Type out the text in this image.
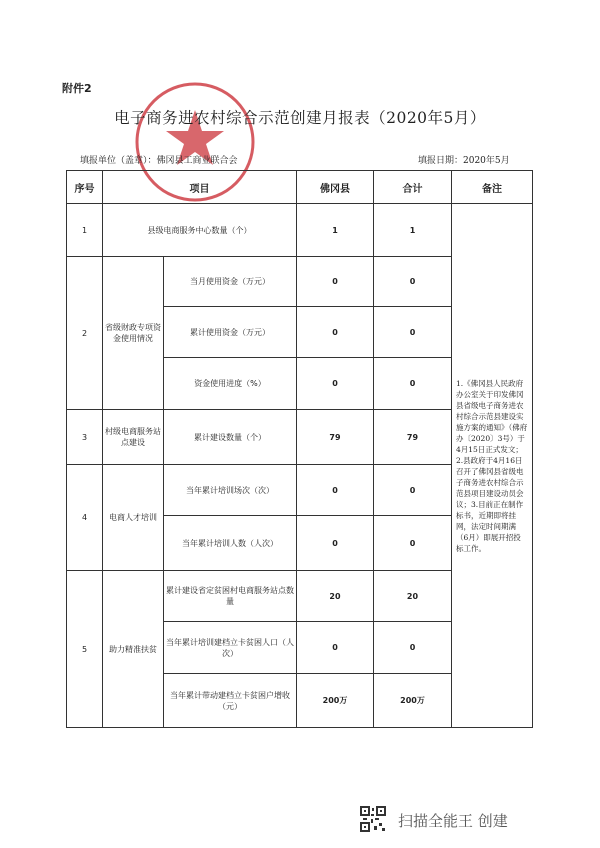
附件2
电子商务进农村综合示范创建月报表（2020年5月）
填报单位（盖章）：佛冈县工商业联合会	填报日期：2020年5月
序号	项目		佛冈县	合计	备注
1	县级电商服务中心数量（个）		1	1	1.《佛冈县人民政府办公室关于印发佛冈县省级电子商务进农村综合示范县建设实施方案的通知》（佛府办〔2020〕3号）于4月15日正式发文；2.县政府于4月16日召开了佛冈县省级电子商务进农村综合示范县项目建设动员会议；3.目前正在制作标书，近期即将挂网，法定时间期满（6月）即展开招投标工作。
2	省级财政专项资金使用情况	当月使用资金（万元）	0	0	
		累计使用资金（万元）	0	0	
		资金使用进度（%）	0	0	
3	村级电商服务站点建设	累计建设数量（个）	79	79	
4	电商人才培训	当年累计培训场次（次）	0	0	
		当年累计培训人数（人次）	0	0	
5	助力精准扶贫	累计建设省定贫困村电商服务站点数量	20	20	
		当年累计培训建档立卡贫困人口（人次）	0	0	
		当年累计带动建档立卡贫困户增收（元）	200万	200万	
扫描全能王 创建
